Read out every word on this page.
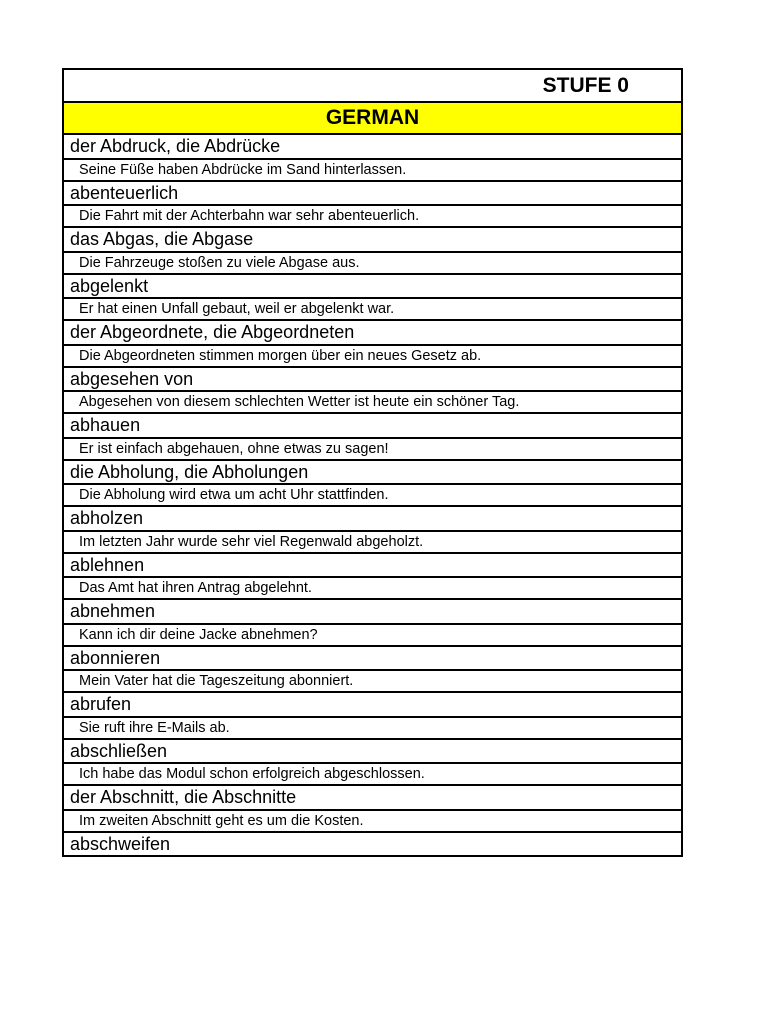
STUFE 0
GERMAN
der Abdruck, die Abdrücke
Seine Füße haben Abdrücke im Sand hinterlassen.
abenteuerlich
Die Fahrt mit der Achterbahn war sehr abenteuerlich.
das Abgas, die Abgase
Die Fahrzeuge stoßen zu viele Abgase aus.
abgelenkt
Er hat einen Unfall gebaut, weil er abgelenkt war.
der Abgeordnete, die Abgeordneten
Die Abgeordneten stimmen morgen über ein neues Gesetz ab.
abgesehen von
Abgesehen von diesem schlechten Wetter ist heute ein schöner Tag.
abhauen
Er ist einfach abgehauen, ohne etwas zu sagen!
die Abholung, die Abholungen
Die Abholung wird etwa um acht Uhr stattfinden.
abholzen
Im letzten Jahr wurde sehr viel Regenwald abgeholzt.
ablehnen
Das Amt hat ihren Antrag abgelehnt.
abnehmen
Kann ich dir deine Jacke abnehmen?
abonnieren
Mein Vater hat die Tageszeitung abonniert.
abrufen
Sie ruft ihre E-Mails ab.
abschließen
Ich habe das Modul schon erfolgreich abgeschlossen.
der Abschnitt, die Abschnitte
Im zweiten Abschnitt geht es um die Kosten.
abschweifen
